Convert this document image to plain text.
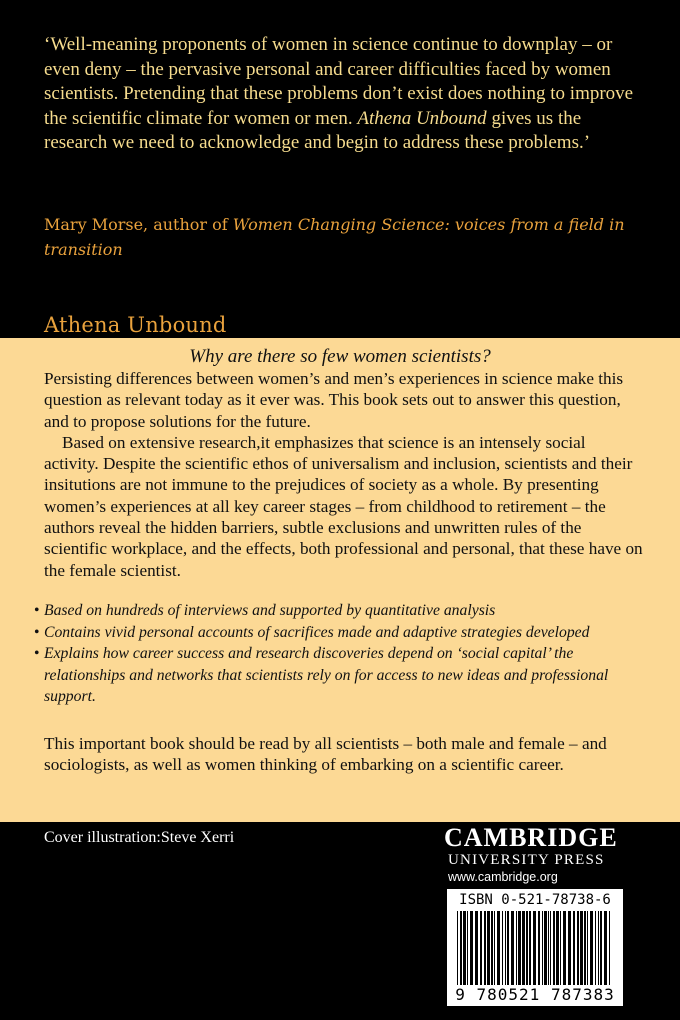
‘Well-meaning proponents of women in science continue to downplay – or even deny – the pervasive personal and career difficulties faced by women scientists. Pretending that these problems don’t exist does nothing to improve the scientific climate for women or men. Athena Unbound gives us the research we need to acknowledge and begin to address these problems.’

Mary Morse, author of Women Changing Science: voices from a field in transition

Athena Unbound
Why are there so few women scientists?

Persisting differences between women’s and men’s experiences in science make this question as relevant today as it ever was. This book sets out to answer this question, and to propose solutions for the future.

Based on extensive research,it emphasizes that science is an intensely social activity. Despite the scientific ethos of universalism and inclusion, scientists and their insitutions are not immune to the prejudices of society as a whole. By presenting women’s experiences at all key career stages – from childhood to retirement – the authors reveal the hidden barriers, subtle exclusions and unwritten rules of the scientific workplace, and the effects, both professional and personal, that these have on the female scientist.

• Based on hundreds of interviews and supported by quantitative analysis
• Contains vivid personal accounts of sacrifices made and adaptive strategies developed
• Explains how career success and research discoveries depend on ‘social capital’ the relationships and networks that scientists rely on for access to new ideas and professional support.

This important book should be read by all scientists – both male and female – and sociologists, as well as women thinking of embarking on a scientific career.

Cover illustration:Steve Xerri	CAMBRIDGE
UNIVERSITY PRESS
www.cambridge.org
ISBN 0-521-78738-6
9 780521 787383
